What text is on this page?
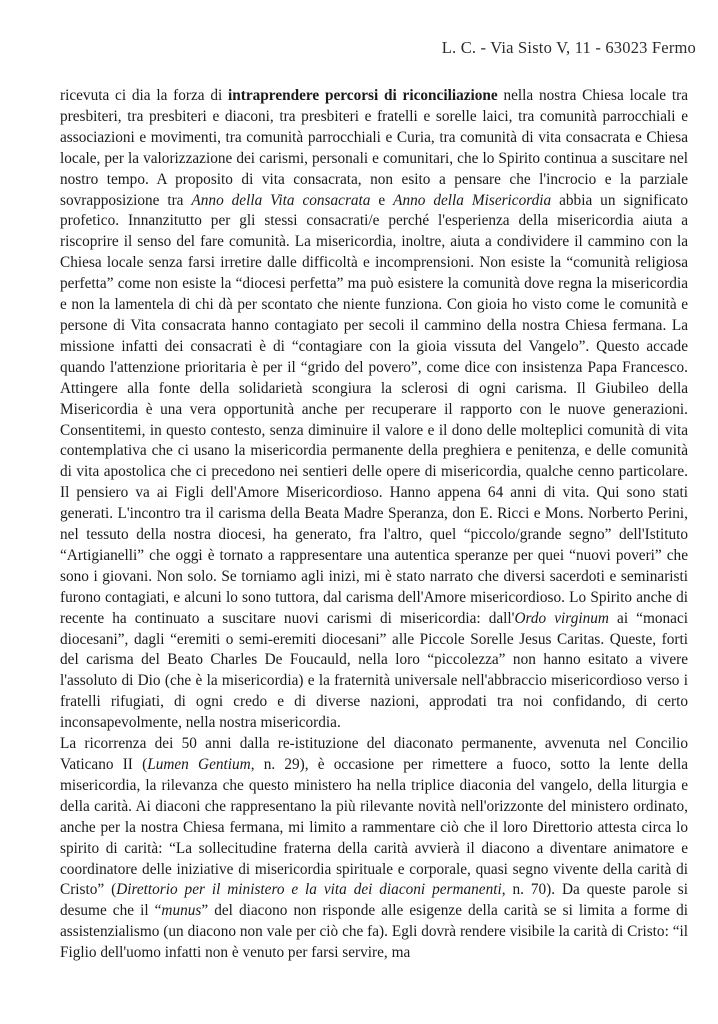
L. C. - Via Sisto V, 11 - 63023 Fermo

ricevuta ci dia la forza di intraprendere percorsi di riconciliazione nella nostra Chiesa locale tra presbiteri, tra presbiteri e diaconi, tra presbiteri e fratelli e sorelle laici, tra comunità parrocchiali e associazioni e movimenti, tra comunità parrocchiali e Curia, tra comunità di vita consacrata e Chiesa locale, per la valorizzazione dei carismi, personali e comunitari, che lo Spirito continua a suscitare nel nostro tempo. A proposito di vita consacrata, non esito a pensare che l'incrocio e la parziale sovrapposizione tra Anno della Vita consacrata e Anno della Misericordia abbia un significato profetico. Innanzitutto per gli stessi consacrati/e perché l'esperienza della misericordia aiuta a riscoprire il senso del fare comunità. La misericordia, inoltre, aiuta a condividere il cammino con la Chiesa locale senza farsi irretire dalle difficoltà e incomprensioni. Non esiste la “comunità religiosa perfetta” come non esiste la “diocesi perfetta” ma può esistere la comunità dove regna la misericordia e non la lamentela di chi dà per scontato che niente funziona. Con gioia ho visto come le comunità e persone di Vita consacrata hanno contagiato per secoli il cammino della nostra Chiesa fermana. La missione infatti dei consacrati è di “contagiare con la gioia vissuta del Vangelo”. Questo accade quando l'attenzione prioritaria è per il “grido del povero”, come dice con insistenza Papa Francesco. Attingere alla fonte della solidarietà scongiura la sclerosi di ogni carisma. Il Giubileo della Misericordia è una vera opportunità anche per recuperare il rapporto con le nuove generazioni. Consentitemi, in questo contesto, senza diminuire il valore e il dono delle molteplici comunità di vita contemplativa che ci usano la misericordia permanente della preghiera e penitenza, e delle comunità di vita apostolica che ci precedono nei sentieri delle opere di misericordia, qualche cenno particolare. Il pensiero va ai Figli dell'Amore Misericordioso. Hanno appena 64 anni di vita. Qui sono stati generati. L'incontro tra il carisma della Beata Madre Speranza, don E. Ricci e Mons. Norberto Perini, nel tessuto della nostra diocesi, ha generato, fra l'altro, quel “piccolo/grande segno” dell'Istituto “Artigianelli” che oggi è tornato a rappresentare una autentica speranze per quei “nuovi poveri” che sono i giovani. Non solo. Se torniamo agli inizi, mi è stato narrato che diversi sacerdoti e seminaristi furono contagiati, e alcuni lo sono tuttora, dal carisma dell'Amore misericordioso. Lo Spirito anche di recente ha continuato a suscitare nuovi carismi di misericordia: dall'Ordo virginum ai “monaci diocesani”, dagli “eremiti o semi-eremiti diocesani” alle Piccole Sorelle Jesus Caritas. Queste, forti del carisma del Beato Charles De Foucauld, nella loro “piccolezza” non hanno esitato a vivere l'assoluto di Dio (che è la misericordia) e la fraternità universale nell'abbraccio misericordioso verso i fratelli rifugiati, di ogni credo e di diverse nazioni, approdati tra noi confidando, di certo inconsapevolmente, nella nostra misericordia.

La ricorrenza dei 50 anni dalla re-istituzione del diaconato permanente, avvenuta nel Concilio Vaticano II (Lumen Gentium, n. 29), è occasione per rimettere a fuoco, sotto la lente della misericordia, la rilevanza che questo ministero ha nella triplice diaconia del vangelo, della liturgia e della carità. Ai diaconi che rappresentano la più rilevante novità nell'orizzonte del ministero ordinato, anche per la nostra Chiesa fermana, mi limito a rammentare ciò che il loro Direttorio attesta circa lo spirito di carità: “La sollecitudine fraterna della carità avvierà il diacono a diventare animatore e coordinatore delle iniziative di misericordia spirituale e corporale, quasi segno vivente della carità di Cristo” (Direttorio per il ministero e la vita dei diaconi permanenti, n. 70). Da queste parole si desume che il “munus” del diacono non risponde alle esigenze della carità se si limita a forme di assistenzialismo (un diacono non vale per ciò che fa). Egli dovrà rendere visibile la carità di Cristo: “il Figlio dell'uomo infatti non è venuto per farsi servire, ma
